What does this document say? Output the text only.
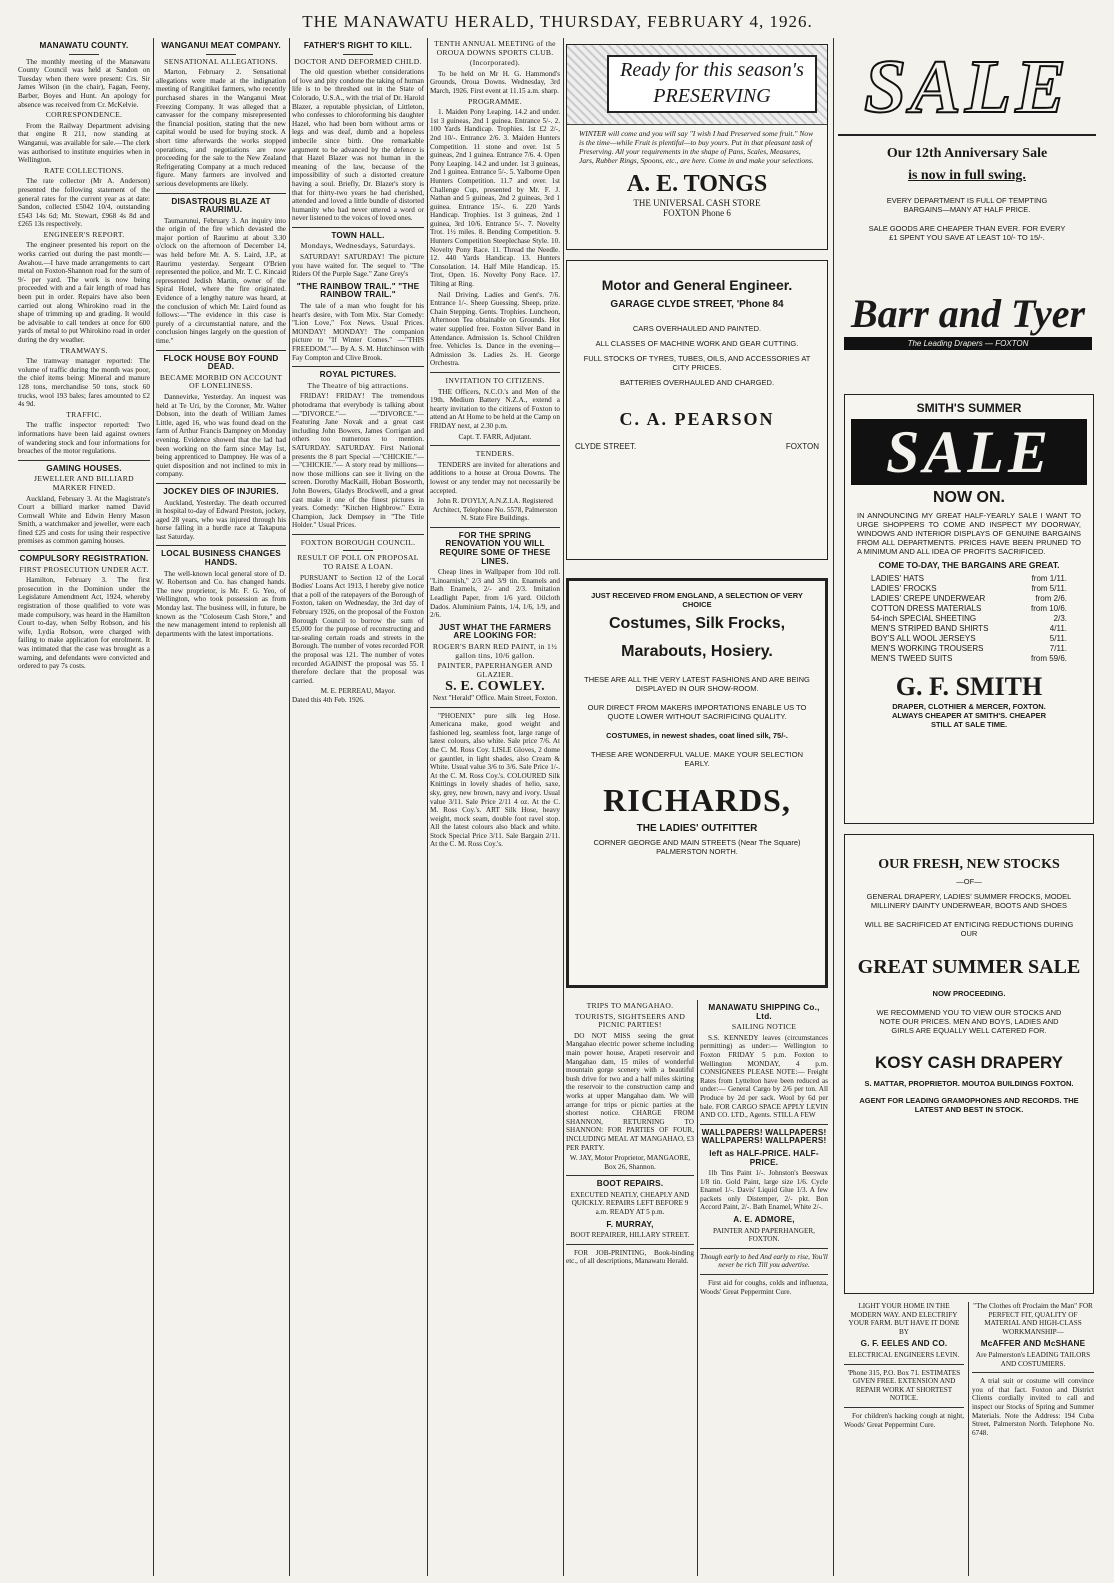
THE MANAWATU HERALD, THURSDAY, FEBRUARY 4, 1926.
MANAWATU COUNTY.
The monthly meeting of the Manawatu County Council was held at Sandon on Tuesday when there were present: Crs. Sir James Wilson (in the chair), Fagan, Feeny, Barber, Boyes and Hunt. An apology for absence was received from Cr. McKelvie.
CORRESPONDENCE.
From the Railway Department advising that engine R 211, now standing at Wanganui, was available for sale.—The clerk was authorised to institute enquiries when in Wellington.
RATE COLLECTIONS.
The rate collector (Mr A. Anderson) presented the following statement of the general rates for the current year as at date: Sandon, collected £5042 10/4, outstanding £543 14s 6d; Mt. Stewart, £968 4s 8d and £265 13s respectively.
ENGINEER'S REPORT.
The engineer presented his report on the works carried out during the past month:—Awahou.—I have made arrangements to cart metal on Foxton-Shannon road for the sum of 9/- per yard. The work is now being proceeded with and a fair length of road has been put in order. Repairs have also been carried out along Whirokino road in the shape of trimming up and grading. It would be advisable to call tenders at once for 600 yards of metal to put Whirokino road in order during the dry weather.
TRAMWAYS.
The tramway manager reported: The volume of traffic during the month was poor, the chief items being: Mineral and manure 128 tons, merchandise 50 tons, stock 60 trucks, wool 193 bales; fares amounted to £2 4s 9d.
TRAFFIC.
The traffic inspector reported: Two informations have been laid against owners of wandering stock and four informations for breaches of the motor regulations.
GAMING HOUSES.
JEWELLER AND BILLIARD MARKER FINED.
Auckland, February 3. At the Magistrate's Court a billiard marker named David Cornwall White and Edwin Henry Mason Smith, a watchmaker and jeweller, were each fined £25 and costs for using their respective premises as common gaming houses.
COMPULSORY REGISTRATION.
FIRST PROSECUTION UNDER ACT.
Hamilton, February 3. The first prosecution in the Dominion under the Legislature Amendment Act, 1924, whereby registration of those qualified to vote was made compulsory, was heard in the Hamilton Court to-day, when Selby Robson, and his wife, Lydia Robson, were charged with failing to make application for enrolment. It was intimated that the case was brought as a warning, and defendants were convicted and ordered to pay 7s costs.
WANGANUI MEAT COMPANY.
SENSATIONAL ALLEGATIONS.
Marton, February 2. Sensational allegations were made at the indignation meeting of Rangitikei farmers, who recently purchased shares in the Wanganui Meat Freezing Company. It was alleged that a canvasser for the company misrepresented the financial position, stating that the new capital would be used for buying stock. A short time afterwards the works stopped operations, and negotiations are now proceeding for the sale to the New Zealand Refrigerating Company at a much reduced figure. Many farmers are involved and serious developments are likely.
DISASTROUS BLAZE AT RAURIMU.
Taumarunui, February 3. An inquiry into the origin of the fire which devasted the major portion of Raurimu at about 3.30 o'clock on the afternoon of December 14, was held before Mr. A. S. Laird, J.P., at Raurimu yesterday. Sergeant O'Brien represented the police, and Mr. T. C. Kincaid represented Jedish Martin, owner of the Spiral Hotel, where the fire originated. Evidence of a lengthy nature was heard, at the conclusion of which Mr. Laird found as follows:—"The evidence in this case is purely of a circumstantial nature, and the conclusion hinges largely on the question of time."
FLOCK HOUSE BOY FOUND DEAD.
BECAME MORBID ON ACCOUNT OF LONELINESS.
Dannevirke, Yesterday. An inquest was held at Te Uri, by the Coroner, Mr. Walter Dobson, into the death of William James Little, aged 16, who was found dead on the farm of Arthur Francis Dampney on Monday evening. Evidence showed that the lad had been working on the farm since May 1st, being apprenticed to Dampney. He was of a quiet disposition and not inclined to mix in company.
JOCKEY DIES OF INJURIES.
Auckland, Yesterday. The death occurred in hospital to-day of Edward Preston, jockey, aged 28 years, who was injured through his horse falling in a hurdle race at Takapuna last Saturday.
LOCAL BUSINESS CHANGES HANDS.
The well-known local general store of D. W. Robertson and Co. has changed hands. The new proprietor, is Mr. F. G. Yeo, of Wellington, who took possession as from Monday last. The business will, in future, be known as the "Coloseum Cash Store," and the new management intend to replenish all departments with the latest importations.
FATHER'S RIGHT TO KILL.
DOCTOR AND DEFORMED CHILD.
The old question whether considerations of love and pity condone the taking of human life is to be threshed out in the State of Colorado, U.S.A., with the trial of Dr. Harold Blazer, a reputable physician, of Littleton, who confesses to chloroforming his daughter Hazel, who had been born without arms or legs and was deaf, dumb and a hopeless imbecile since birth. One remarkable argument to be advanced by the defence is that Hazel Blazer was not human in the meaning of the law, because of the impossibility of such a distorted creature having a soul. Briefly, Dr. Blazer's story is that for thirty-two years he had cherished, attended and loved a little bundle of distorted humanity who had never uttered a word or never listened to the voices of loved ones.
TOWN HALL.
Mondays, Wednesdays, Saturdays.
SATURDAY! SATURDAY! The picture you have waited for. The sequel to "The Riders Of the Purple Sage." Zane Grey's
"THE RAINBOW TRAIL." "THE RAINBOW TRAIL."
The tale of a man who fought for his heart's desire, with Tom Mix. Star Comedy: "Lion Love," Fox News. Usual Prices. MONDAY! MONDAY! The companion picture to "If Winter Comes." —"THIS FREEDOM."— By A. S. M. Hutchinson with Fay Compton and Clive Brook.
ROYAL PICTURES.
The Theatre of big attractions.
FRIDAY! FRIDAY! The tremendous photodrama that everybody is talking about —"DIVORCE."— —"DIVORCE."— Featuring Jane Novak and a great cast including John Bowers, James Corrigan and others too numerous to mention. SATURDAY. SATURDAY. First National presents the 8 part Special —"CHICKIE."— —"CHICKIE."— A story read by millions—now those millions can see it living on the screen. Dorothy MacKaill, Hobart Bosworth, John Bowers, Gladys Brockwell, and a great cast make it one of the finest pictures in years. Comedy: "Kitchen Highbrow." Extra Champion, Jack Dempsey in "The Title Holder." Usual Prices.
FOXTON BOROUGH COUNCIL.
RESULT OF POLL ON PROPOSAL TO RAISE A LOAN.
PURSUANT to Section 12 of the Local Bodies' Loans Act 1913, I hereby give notice that a poll of the ratepayers of the Borough of Foxton, taken on Wednesday, the 3rd day of February 1926, on the proposal of the Foxton Borough Council to borrow the sum of £5,000 for the purpose of reconstructing and tar-sealing certain roads and streets in the Borough. The number of votes recorded FOR the proposal was 121. The number of votes recorded AGAINST the proposal was 55. I therefore declare that the proposal was carried.
M. E. PERREAU, Mayor.
Dated this 4th Feb. 1926.
TENTH ANNUAL MEETING of the OROUA DOWNS SPORTS CLUB.
(Incorporated).
To be held on Mr H. G. Hammond's Grounds, Oroua Downs. Wednesday, 3rd March, 1926. First event at 11.15 a.m. sharp.
PROGRAMME.
1. Maiden Pony Leaping. 14.2 and under. 1st 3 guineas, 2nd 1 guinea. Entrance 5/-. 2. 100 Yards Handicap. Trophies. 1st £2 2/-, 2nd 10/-. Entrance 2/6. 3. Maiden Hunters Competition. 11 stone and over. 1st 5 guineas, 2nd 1 guinea. Entrance 7/6. 4. Open Pony Leaping. 14.2 and under. 1st 3 guineas, 2nd 1 guinea. Entrance 5/-. 5. Yalborne Open Hunters Competition. 11.7 and over. 1st Challenge Cup, presented by Mr. F. J. Nathan and 5 guineas, 2nd 2 guineas, 3rd 1 guinea. Entrance 15/-. 6. 220 Yards Handicap. Trophies. 1st 3 guineas, 2nd 1 guinea, 3rd 10/6. Entrance 5/-. 7. Novelty Trot. 1½ miles. 8. Bending Competition. 9. Hunters Competition Steeplechase Style. 10. Novelty Pony Race. 11. Thread the Needle. 12. 440 Yards Handicap. 13. Hunters Consolation. 14. Half Mile Handicap. 15. Trot, Open. 16. Novelty Pony Race. 17. Tilting at Ring.
Nail Driving. Ladies and Gent's. 7/6. Entrance 1/-. Sheep Guessing. Sheep, prize. Chain Stepping. Gents. Trophies. Luncheon, Afternoon Tea obtainable on Grounds. Hot water supplied free. Foxton Silver Band in Attendance. Admission 1s. School Children free. Vehicles 1s. Dance in the evening—Admission 3s. Ladies 2s. H. George Orchestra.
INVITATION TO CITIZENS.
THE Officers, N.C.O.'s and Men of the 19th. Medium Battery N.Z.A., extend a hearty invitation to the citizens of Foxton to attend an At Home to be held at the Camp on FRIDAY next, at 2.30 p.m.
Capt. T. FARR, Adjutant.
TENDERS.
TENDERS are invited for alterations and additions to a house at Oroua Downs. The lowest or any tender may not necessarily be accepted.
John R. D'OYLY, A.N.Z.I.A. Registered Architect, Telephone No. 5578, Palmerston N. State Fire Buildings.
FOR THE SPRING RENOVATION YOU WILL REQUIRE SOME OF THESE LINES.
Cheap lines in Wallpaper from 10d roll. "Linoarnish," 2/3 and 3/9 tin. Enamels and Bath Enamels, 2/- and 2/3. Imitation Leadlight Paper, from 1/6 yard. Oilcloth Dados. Aluminium Paints, 1/4, 1/6, 1/9, and 2/6.
JUST WHAT THE FARMERS ARE LOOKING FOR:
ROGER'S BARN RED PAINT, in 1½ gallon tins, 10/6 gallon.
PAINTER, PAPERHANGER AND GLAZIER.
S. E. COWLEY.
Next "Herald" Office. Main Street, Foxton.
"PHOENIX" pure silk leg Hose. Americana make, good weight and fashioned leg, seamless foot, large range of latest colours, also white. Sale price 7/6. At the C. M. Ross Coy. LISLE Gloves, 2 dome or gauntlet, in light shades, also Cream & White. Usual value 3/6 to 3/6. Sale Price 1/-. At the C. M. Ross Coy.'s. COLOURED Silk Knittings in lovely shades of helio, saxe, sky, grey, new brown, navy and ivory. Usual value 3/11. Sale Price 2/11 4 oz. At the C. M. Ross Coy.'s. ART Silk Hose, heavy weight, mock seam, double foot ravel stop. All the latest colours also black and white. Stock Special Price 3/11. Sale Bargain 2/11. At the C. M. Ross Coy.'s.
Ready for this season's PRESERVING
WINTER will come and you will say "I wish I had Preserved some fruit." Now is the time—while Fruit is plentiful—to buy yours. Put in that pleasant task of Preserving. All your requirements in the shape of Pans, Scales, Measures, Jars, Rubber Rings, Spoons, etc., are here. Come in and make your selections.
A. E. TONGS
THE UNIVERSAL CASH STORE
FOXTON Phone 6
Motor and General Engineer.
GARAGE CLYDE STREET, 'Phone 84
CARS OVERHAULED AND PAINTED.
ALL CLASSES OF MACHINE WORK AND GEAR CUTTING.
FULL STOCKS OF TYRES, TUBES, OILS, AND ACCESSORIES AT CITY PRICES.
BATTERIES OVERHAULED AND CHARGED.
C. A. PEARSON
CLYDE STREET.	FOXTON
JUST RECEIVED FROM ENGLAND, A SELECTION OF VERY CHOICE
Costumes, Silk Frocks,
Marabouts, Hosiery.
THESE ARE ALL THE VERY LATEST FASHIONS AND ARE BEING DISPLAYED IN OUR SHOW-ROOM.
OUR DIRECT FROM MAKERS IMPORTATIONS ENABLE US TO QUOTE LOWER WITHOUT SACRIFICING QUALITY.
COSTUMES, in newest shades, coat lined silk, 75/-.
THESE ARE WONDERFUL VALUE. MAKE YOUR SELECTION EARLY.
RICHARDS,
THE LADIES' OUTFITTER
CORNER GEORGE AND MAIN STREETS (Near The Square) PALMERSTON NORTH.
TRIPS TO MANGAHAO.
TOURISTS, SIGHTSEERS AND PICNIC PARTIES!
DO NOT MISS seeing the great Mangahao electric power scheme including main power house, Arapeti reservoir and Mangahao dam, 15 miles of wonderful mountain gorge scenery with a beautiful bush drive for two and a half miles skirting the reservoir to the construction camp and works at upper Mangahao dam. We will arrange for trips or picnic parties at the shortest notice. CHARGE FROM SHANNON, RETURNING TO SHANNON: FOR PARTIES OF FOUR, INCLUDING MEAL AT MANGAHAO, £3 PER PARTY.
W. JAY, Motor Proprietor, MANGAORE, Box 26, Shannon.
BOOT REPAIRS.
EXECUTED NEATLY, CHEAPLY AND QUICKLY. REPAIRS LEFT BEFORE 9 a.m. READY AT 5 p.m.
F. MURRAY,
BOOT REPAIRER, HILLARY STREET.
FOR JOB-PRINTING, Book-binding etc., of all descriptions, Manawatu Herald.
MANAWATU SHIPPING Co., Ltd.
SAILING NOTICE
S.S. KENNEDY leaves (circumstances permitting) as under:— Wellington to Foxton FRIDAY 5 p.m. Foxton to Wellington MONDAY, 4 p.m. CONSIGNEES PLEASE NOTE:— Freight Rates from Lyttelton have been reduced as under:— General Cargo by 2/6 per ton. All Produce by 2d per sack. Wool by 6d per bale. FOR CARGO SPACE APPLY LEVIN AND CO. LTD., Agents. STILL A FEW
WALLPAPERS! WALLPAPERS! WALLPAPERS! WALLPAPERS!
left as HALF-PRICE. HALF-PRICE.
1lb Tins Paint 1/-. Johnston's Beeswax 1/8 tin. Gold Paint, large size 1/6. Cycle Enamel 1/-. Davis' Liquid Glue 1/3. A few packets only Distemper, 2/- pkt. Bon Accord Paint, 2/-. Bath Enamel, White 2/-.
A. E. ADMORE,
PAINTER AND PAPERHANGER, FOXTON.
Though early to bed And early to rise, You'll never be rich Till you advertise.
First aid for coughs, colds and influenza, Woods' Great Peppermint Cure.
SALE
Our 12th Anniversary Sale
is now in full swing.
EVERY DEPARTMENT IS FULL OF TEMPTING BARGAINS—MANY AT HALF PRICE.
SALE GOODS ARE CHEAPER THAN EVER. FOR EVERY £1 SPENT YOU SAVE AT LEAST 10/- TO 15/-.
Barr and Tyer
The Leading Drapers — FOXTON
SMITH'S SUMMER
SALE
NOW ON.
IN ANNOUNCING MY GREAT HALF-YEARLY SALE I WANT TO URGE SHOPPERS TO COME AND INSPECT MY DOORWAY, WINDOWS AND INTERIOR DISPLAYS OF GENUINE BARGAINS FROM ALL DEPARTMENTS. PRICES HAVE BEEN PRUNED TO A MINIMUM AND ALL IDEA OF PROFITS SACRIFICED.
COME TO-DAY, THE BARGAINS ARE GREAT.
LADIES' HATS	from 1/11.
LADIES' FROCKS	from 5/11.
LADIES' CREPE UNDERWEAR	from 2/6.
COTTON DRESS MATERIALS	from 10/6.
54-inch SPECIAL SHEETING	2/3.
MEN'S STRIPED BAND SHIRTS	4/11.
BOY'S ALL WOOL JERSEYS	5/11.
MEN'S WORKING TROUSERS	7/11.
MEN'S TWEED SUITS	from 59/6.
G. F. SMITH
DRAPER, CLOTHIER & MERCER, FOXTON.
ALWAYS CHEAPER AT SMITH'S. CHEAPER STILL AT SALE TIME.
OUR FRESH, NEW STOCKS
—OF—
GENERAL DRAPERY, LADIES' SUMMER FROCKS, MODEL MILLINERY DAINTY UNDERWEAR, BOOTS AND SHOES
WILL BE SACRIFICED AT ENTICING REDUCTIONS DURING OUR
GREAT SUMMER SALE
NOW PROCEEDING.
WE RECOMMEND YOU TO VIEW OUR STOCKS AND NOTE OUR PRICES. MEN AND BOYS, LADIES AND GIRLS ARE EQUALLY WELL CATERED FOR.
KOSY CASH DRAPERY
S. MATTAR, PROPRIETOR. MOUTOA BUILDINGS FOXTON.
AGENT FOR LEADING GRAMOPHONES AND RECORDS. THE LATEST AND BEST IN STOCK.
LIGHT YOUR HOME IN THE MODERN WAY. AND ELECTRIFY YOUR FARM. BUT HAVE IT DONE BY
G. F. EELES AND CO.
ELECTRICAL ENGINEERS LEVIN.
'Phone 315, P.O. Box 71. ESTIMATES GIVEN FREE. EXTENSION AND REPAIR WORK AT SHORTEST NOTICE.
For children's hacking cough at night, Woods' Great Peppermint Cure.
"The Clothes oft Proclaim the Man" FOR PERFECT FIT, QUALITY OF MATERIAL AND HIGH-CLASS WORKMANSHIP—
McAFFER AND McSHANE
Are Palmerston's LEADING TAILORS AND COSTUMIERS.
A trial suit or costume will convince you of that fact. Foxton and District Clients cordially invited to call and inspect our Stocks of Spring and Summer Materials. Note the Address: 194 Cuba Street, Palmerston North. Telephone No. 6748.
